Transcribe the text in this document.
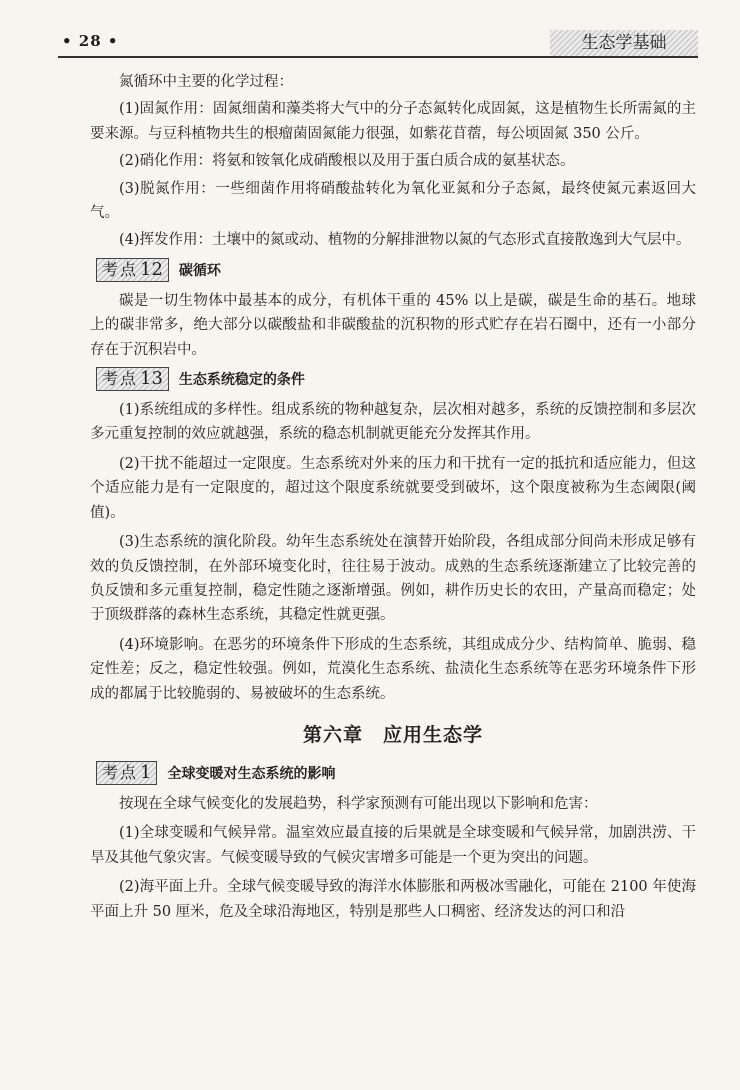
• 28 •	生态学基础

氮循环中主要的化学过程：

(1)固氮作用：固氮细菌和藻类将大气中的分子态氮转化成固氮，这是植物生长所需氮的主要来源。与豆科植物共生的根瘤菌固氮能力很强，如紫花苜蓿，每公顷固氮 350 公斤。

(2)硝化作用：将氨和铵氧化成硝酸根以及用于蛋白质合成的氨基状态。

(3)脱氮作用：一些细菌作用将硝酸盐转化为氧化亚氮和分子态氮，最终使氮元素返回大气。

(4)挥发作用：土壤中的氮或动、植物的分解排泄物以氮的气态形式直接散逸到大气层中。

考点 12	碳循环

碳是一切生物体中最基本的成分，有机体干重的 45% 以上是碳，碳是生命的基石。地球上的碳非常多，绝大部分以碳酸盐和非碳酸盐的沉积物的形式贮存在岩石圈中，还有一小部分存在于沉积岩中。

考点 13	生态系统稳定的条件

(1)系统组成的多样性。组成系统的物种越复杂，层次相对越多，系统的反馈控制和多层次多元重复控制的效应就越强，系统的稳态机制就更能充分发挥其作用。

(2)干扰不能超过一定限度。生态系统对外来的压力和干扰有一定的抵抗和适应能力，但这个适应能力是有一定限度的，超过这个限度系统就要受到破坏，这个限度被称为生态阈限(阈值)。

(3)生态系统的演化阶段。幼年生态系统处在演替开始阶段，各组成部分间尚未形成足够有效的负反馈控制，在外部环境变化时，往往易于波动。成熟的生态系统逐渐建立了比较完善的负反馈和多元重复控制，稳定性随之逐渐增强。例如，耕作历史长的农田，产量高而稳定；处于顶级群落的森林生态系统，其稳定性就更强。

(4)环境影响。在恶劣的环境条件下形成的生态系统，其组成成分少、结构简单、脆弱、稳定性差；反之，稳定性较强。例如，荒漠化生态系统、盐渍化生态系统等在恶劣环境条件下形成的都属于比较脆弱的、易被破坏的生态系统。

第六章 应用生态学
考点 1	全球变暖对生态系统的影响

按现在全球气候变化的发展趋势，科学家预测有可能出现以下影响和危害：

(1)全球变暖和气候异常。温室效应最直接的后果就是全球变暖和气候异常，加剧洪涝、干旱及其他气象灾害。气候变暖导致的气候灾害增多可能是一个更为突出的问题。

(2)海平面上升。全球气候变暖导致的海洋水体膨胀和两极冰雪融化，可能在 2100 年使海平面上升 50 厘米，危及全球沿海地区，特别是那些人口稠密、经济发达的河口和沿
